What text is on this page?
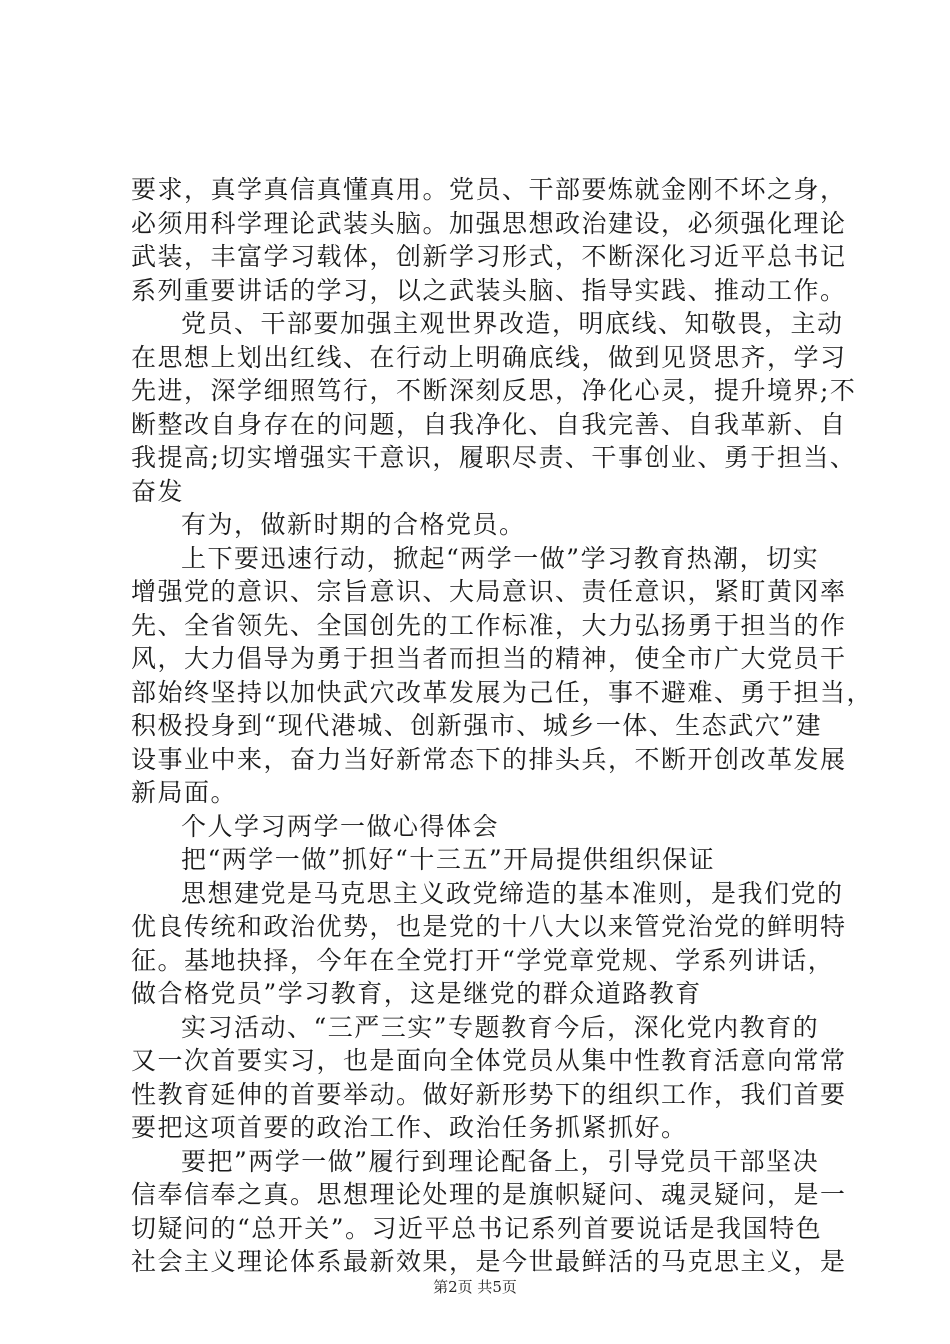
要求，真学真信真懂真用。党员、干部要炼就金刚不坏之身，
必须用科学理论武装头脑。加强思想政治建设，必须强化理论
武装，丰富学习载体，创新学习形式，不断深化习近平总书记
系列重要讲话的学习，以之武装头脑、指导实践、推动工作。
党员、干部要加强主观世界改造，明底线、知敬畏，主动
在思想上划出红线、在行动上明确底线，做到见贤思齐，学习
先进，深学细照笃行，不断深刻反思，净化心灵，提升境界;不
断整改自身存在的问题，自我净化、自我完善、自我革新、自
我提高;切实增强实干意识，履职尽责、干事创业、勇于担当、
奋发
有为，做新时期的合格党员。
上下要迅速行动，掀起“两学一做”学习教育热潮，切实
增强党的意识、宗旨意识、大局意识、责任意识，紧盯黄冈率
先、全省领先、全国创先的工作标准，大力弘扬勇于担当的作
风，大力倡导为勇于担当者而担当的精神，使全市广大党员干
部始终坚持以加快武穴改革发展为己任，事不避难、勇于担当，
积极投身到“现代港城、创新强市、城乡一体、生态武穴”建
设事业中来，奋力当好新常态下的排头兵，不断开创改革发展
新局面。
个人学习两学一做心得体会
把“两学一做”抓好“十三五”开局提供组织保证
思想建党是马克思主义政党缔造的基本准则，是我们党的
优良传统和政治优势，也是党的十八大以来管党治党的鲜明特
征。基地抉择，今年在全党打开“学党章党规、学系列讲话，
做合格党员”学习教育，这是继党的群众道路教育
实习活动、“三严三实”专题教育今后，深化党内教育的
又一次首要实习，也是面向全体党员从集中性教育活意向常常
性教育延伸的首要举动。做好新形势下的组织工作，我们首要
要把这项首要的政治工作、政治任务抓紧抓好。
要把”两学一做”履行到理论配备上，引导党员干部坚决
信奉信奉之真。思想理论处理的是旗帜疑问、魂灵疑问，是一
切疑问的“总开关”。习近平总书记系列首要说话是我国特色
社会主义理论体系最新效果，是今世最鲜活的马克思主义，是
第2页 共5页
